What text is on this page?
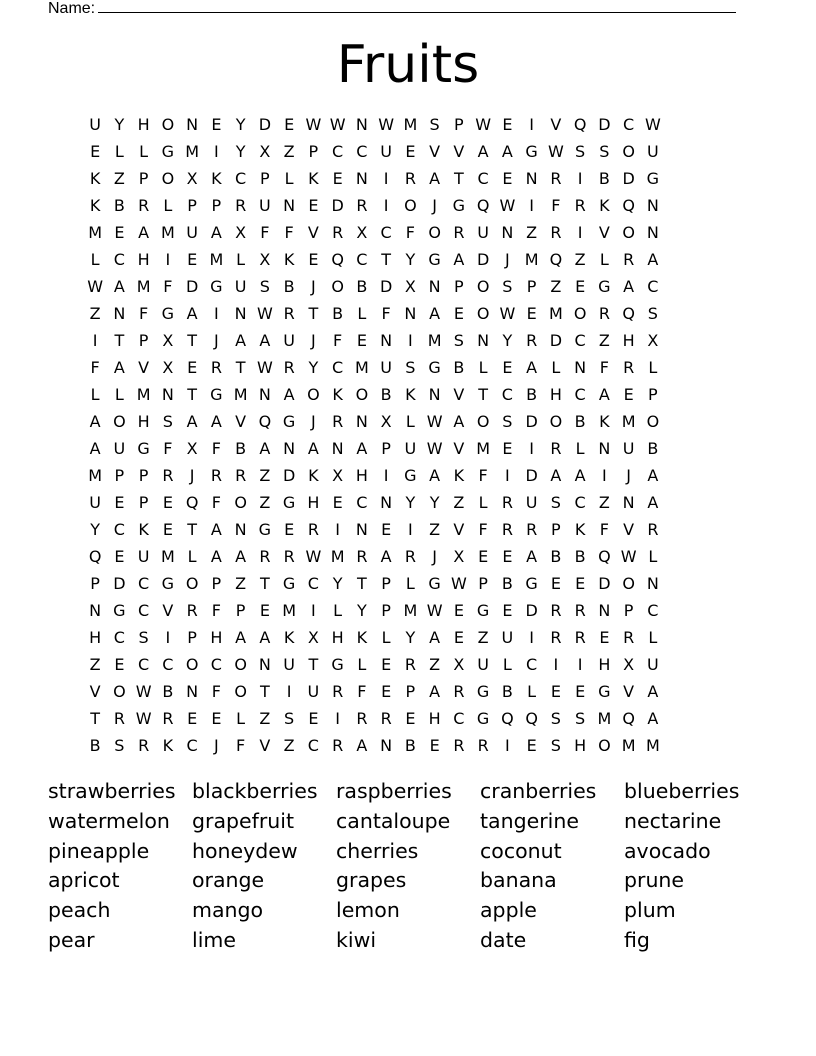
Name:
Fruits
U Y H O N E Y D E W W N W M S P W E	I	V Q D C W
E L L G M I	Y X Z P C C U E V V A A G W S S O U
K Z P O X K C P L K E N I	R A T C E N R	I	B D G
K B R L P P R U N E D R	I O J G Q W I	F R K Q N
M E A M U A X F F V R X C F O R U N Z R	I	V O N
L C H I	E M L X K E Q C T Y G A D J M Q Z L R A
W A M F D G U S B	J O B D X N P O S P Z E G A C
Z N F G A	I N W R T B L F N A E O W E M O R Q S
I	T P X T	J	A A U	J	F E N I M S N Y R D C Z H X
F A V X E R T W R Y C M U S G B L E A L N F R L
L L M N T G M N A O K O B K N V T C B H C A E P
A O H S A A V Q G J	R N X L W A O S D O B K M O
A U G F X F B A N A N A P U W V M E	I	R L N U B
M P P R	J	R R Z D K X H I G A K F	I D A A	I	J	A
U E P E Q F O Z G H E C N Y Y Z L R U S C Z N A
Y C K E T A N G E R	I N E	I	Z V F R R P K F V R
Q E U M L A A R R W M R A R	J	X E E A B B Q W L
P D C G O P Z T G C Y T P L G W P B G E E D O N
N G C V R F P E M I	L Y P M W E G E D R R N P C
H C S	I	P H A A K X H K L Y A E Z U	I	R R E R L
Z E C C O C O N U T G L E R Z X U L C	I	I H X U
V O W B N F O T	I	U R F E P A R G B L E E G V A
T R W R E E L Z S E	I	R R E H C G Q Q S S M Q A
B S R K C	J	F V Z C R A N B E R R	I	E S H O M M
strawberries blackberries raspberries	cranberries	blueberries
watermelon	grapefruit	cantaloupe	tangerine	nectarine
pineapple	honeydew	cherries	coconut	avocado
apricot	orange	grapes	banana	prune
peach	mango	lemon	apple	plum
pear	lime	kiwi	date	fig
